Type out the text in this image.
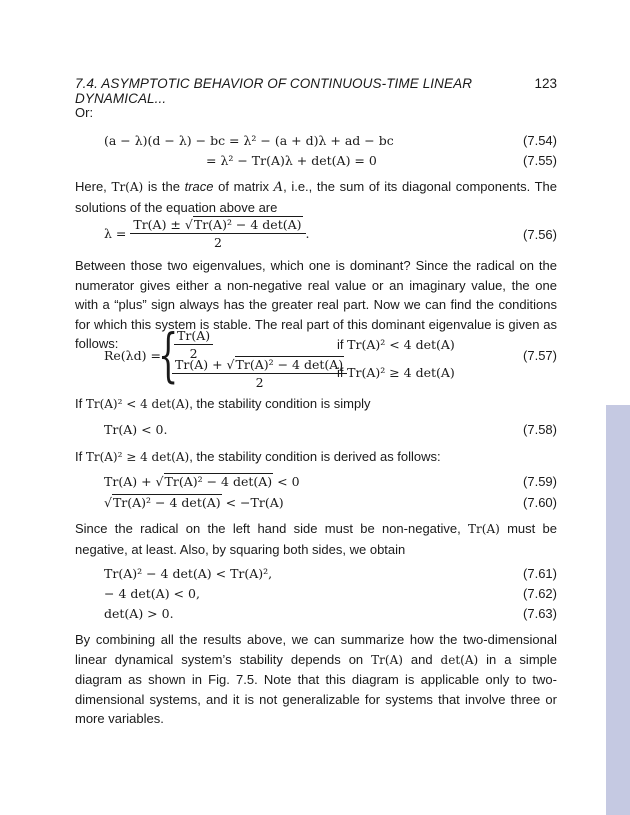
7.4. ASYMPTOTIC BEHAVIOR OF CONTINUOUS-TIME LINEAR DYNAMICAL...
123

Or:

(a − λ)(d − λ) − bc = λ² − (a + d)λ + ad − bc	(7.54)
= λ² − Tr(A)λ + det(A) = 0	(7.55)

Here, Tr(A) is the trace of matrix A, i.e., the sum of its diagonal components. The solutions of the equation above are

$\lambda = \frac{\text{Tr(A) ± √Tr(A)² − 4 det(A)}}{2}$ .	(7.56)

Between those two eigenvalues, which one is dominant? Since the radical on the numerator gives either a non-negative real value or an imaginary value, the one with a “plus” sign always has the greater real part. Now we can find the conditions for which this system is stable. The real part of this dominant eigenvalue is given as follows:

Re(λd) =
{
$\frac{Tr(A)}{2}$	if Tr(A)² < 4 det(A)
Tr(A) + √Tr(A)² − 4 det(A)
2
if Tr(A)² ≥ 4 det(A)
(7.57)

If Tr(A)² < 4 det(A), the stability condition is simply

Tr(A) < 0.	(7.58)

If Tr(A)² ≥ 4 det(A), the stability condition is derived as follows:

Tr(A) + √Tr(A)² − 4 det(A) < 0	(7.59)
√Tr(A)² − 4 det(A) < −Tr(A)	(7.60)

Since the radical on the left hand side must be non-negative, Tr(A) must be negative, at least. Also, by squaring both sides, we obtain

Tr(A)² − 4 det(A) < Tr(A)²,	(7.61)
− 4 det(A) < 0,	(7.62)
det(A) > 0.	(7.63)

By combining all the results above, we can summarize how the two-dimensional linear dynamical system’s stability depends on Tr(A) and det(A) in a simple diagram as shown in Fig. 7.5. Note that this diagram is applicable only to two-dimensional systems, and it is not generalizable for systems that involve three or more variables.
